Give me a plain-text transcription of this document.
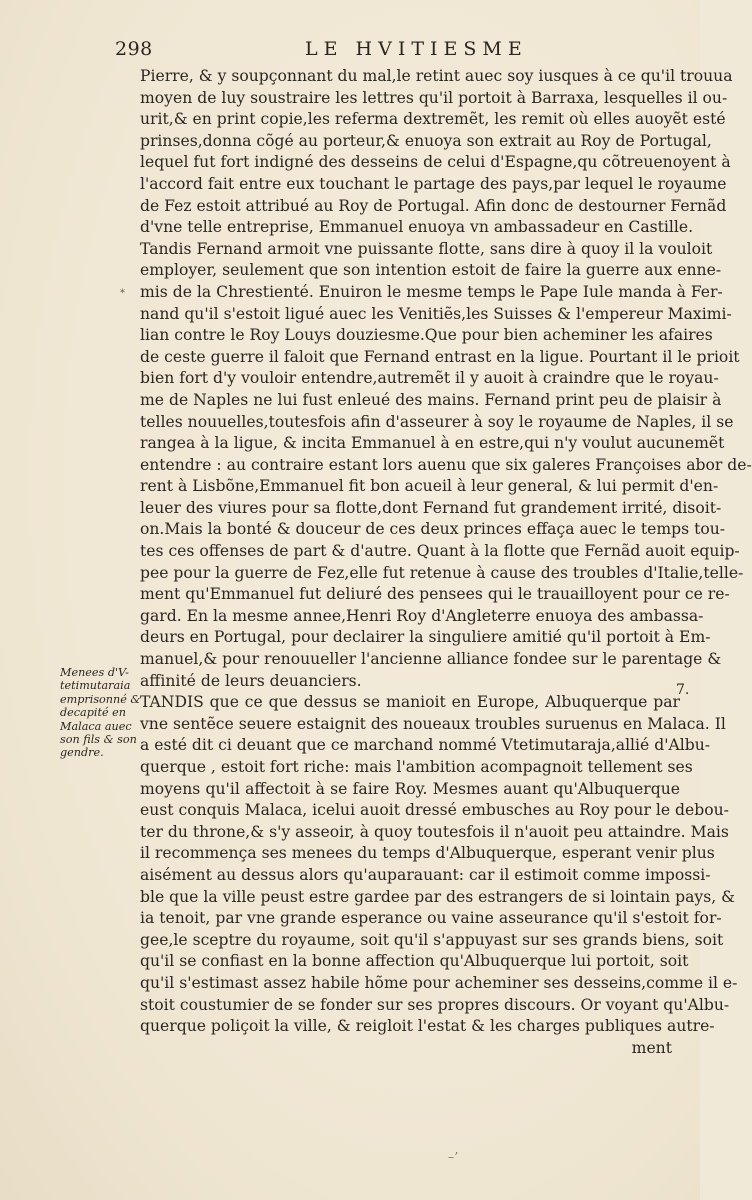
298	LE HVITIESME
*
Menees d'V-
tetimutaraia
emprisonné &
decapité en
Malaca auec
son fils & son
gendre.
7.
Pierre, & y soupçonnant du mal,le retint auec soy iusques à ce qu'il trouua
moyen de luy soustraire les lettres qu'il portoit à Barraxa, lesquelles il ou-
urit,& en print copie,les referma dextremẽt, les remit où elles auoyẽt esté
prinses,donna cõgé au porteur,& enuoya son extrait au Roy de Portugal,
lequel fut fort indigné des desseins de celui d'Espagne,qu cõtreuenoyent à
l'accord fait entre eux touchant le partage des pays,par lequel le royaume
de Fez estoit attribué au Roy de Portugal. Afin donc de destourner Fernãd
d'vne telle entreprise, Emmanuel enuoya vn ambassadeur en Castille.
Tandis Fernand armoit vne puissante flotte, sans dire à quoy il la vouloit
employer, seulement que son intention estoit de faire la guerre aux enne-
mis de la Chrestienté. Enuiron le mesme temps le Pape Iule manda à Fer-
nand qu'il s'estoit ligué auec les Venitiẽs,les Suisses & l'empereur Maximi-
lian contre le Roy Louys douziesme.Que pour bien acheminer les afaires
de ceste guerre il faloit que Fernand entrast en la ligue. Pourtant il le prioit
bien fort d'y vouloir entendre,autremẽt il y auoit à craindre que le royau-
me de Naples ne lui fust enleué des mains. Fernand print peu de plaisir à
telles nouuelles,toutesfois afin d'asseurer à soy le royaume de Naples, il se
rangea à la ligue, & incita Emmanuel à en estre,qui n'y voulut aucunemẽt
entendre : au contraire estant lors auenu que six galeres Françoises abor de-
rent à Lisbõne,Emmanuel fit bon acueil à leur general, & lui permit d'en-
leuer des viures pour sa flotte,dont Fernand fut grandement irrité, disoit-
on.Mais la bonté & douceur de ces deux princes effaça auec le temps tou-
tes ces offenses de part & d'autre. Quant à la flotte que Fernãd auoit equip-
pee pour la guerre de Fez,elle fut retenue à cause des troubles d'Italie,telle-
ment qu'Emmanuel fut deliuré des pensees qui le trauailloyent pour ce re-
gard. En la mesme annee,Henri Roy d'Angleterre enuoya des ambassa-
deurs en Portugal, pour declairer la singuliere amitié qu'il portoit à Em-
manuel,& pour renouueller l'ancienne alliance fondee sur le parentage &
affinité de leurs deuanciers.
TANDIS que ce que dessus se manioit en Europe, Albuquerque par
vne sentẽce seuere estaignit des noueaux troubles suruenus en Malaca. Il
a esté dit ci deuant que ce marchand nommé Vtetimutaraja,allié d'Albu-
querque , estoit fort riche: mais l'ambition acompagnoit tellement ses
moyens qu'il affectoit à se faire Roy. Mesmes auant qu'Albuquerque
eust conquis Malaca, icelui auoit dressé embusches au Roy pour le debou-
ter du throne,& s'y asseoir, à quoy toutesfois il n'auoit peu attaindre. Mais
il recommença ses menees du temps d'Albuquerque, esperant venir plus
aisément au dessus alors qu'auparauant: car il estimoit comme impossi-
ble que la ville peust estre gardee par des estrangers de si lointain pays, &
ia tenoit, par vne grande esperance ou vaine asseurance qu'il s'estoit for-
gee,le sceptre du royaume, soit qu'il s'appuyast sur ses grands biens, soit
qu'il se confiast en la bonne affection qu'Albuquerque lui portoit, soit
qu'il s'estimast assez habile hõme pour acheminer ses desseins,comme il e-
stoit coustumier de se fonder sur ses propres discours. Or voyant qu'Albu-
querque poliçoit la ville, & reigloit l'estat & les charges publiques autre-
ment
–ʼ
